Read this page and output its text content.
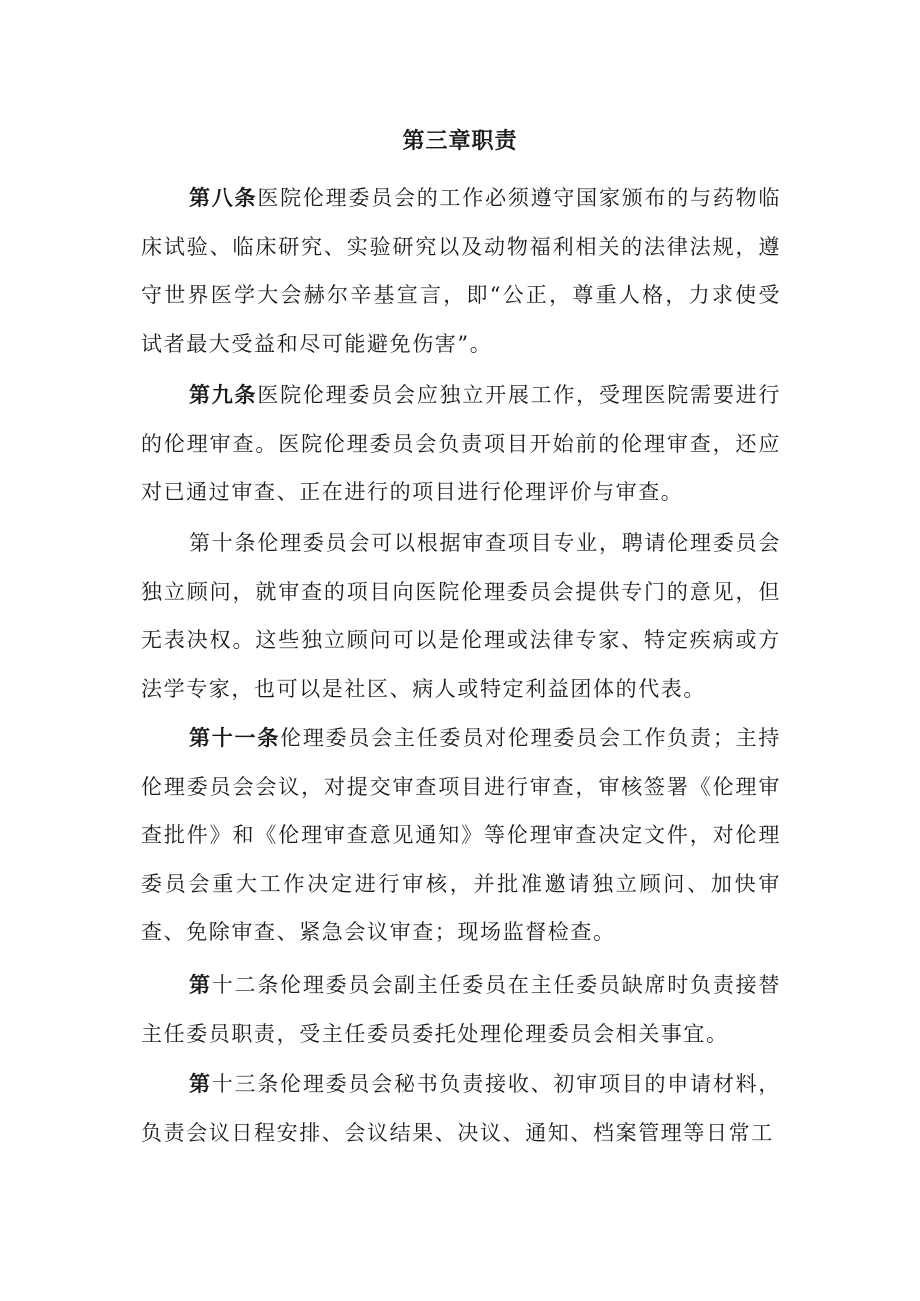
第三章职责

第八条医院伦理委员会的工作必须遵守国家颁布的与药物临床试验、临床研究、实验研究以及动物福利相关的法律法规，遵守世界医学大会赫尔辛基宣言，即“公正，尊重人格，力求使受试者最大受益和尽可能避免伤害”。

第九条医院伦理委员会应独立开展工作，受理医院需要进行的伦理审查。医院伦理委员会负责项目开始前的伦理审查，还应对已通过审查、正在进行的项目进行伦理评价与审查。

第十条伦理委员会可以根据审查项目专业，聘请伦理委员会独立顾问，就审查的项目向医院伦理委员会提供专门的意见，但无表决权。这些独立顾问可以是伦理或法律专家、特定疾病或方法学专家，也可以是社区、病人或特定利益团体的代表。

第十一条伦理委员会主任委员对伦理委员会工作负责；主持伦理委员会会议，对提交审查项目进行审查，审核签署《伦理审查批件》和《伦理审查意见通知》等伦理审查决定文件，对伦理委员会重大工作决定进行审核，并批准邀请独立顾问、加快审查、免除审查、紧急会议审查；现场监督检查。

第十二条伦理委员会副主任委员在主任委员缺席时负责接替主任委员职责，受主任委员委托处理伦理委员会相关事宜。

第十三条伦理委员会秘书负责接收、初审项目的申请材料，负责会议日程安排、会议结果、决议、通知、档案管理等日常工
